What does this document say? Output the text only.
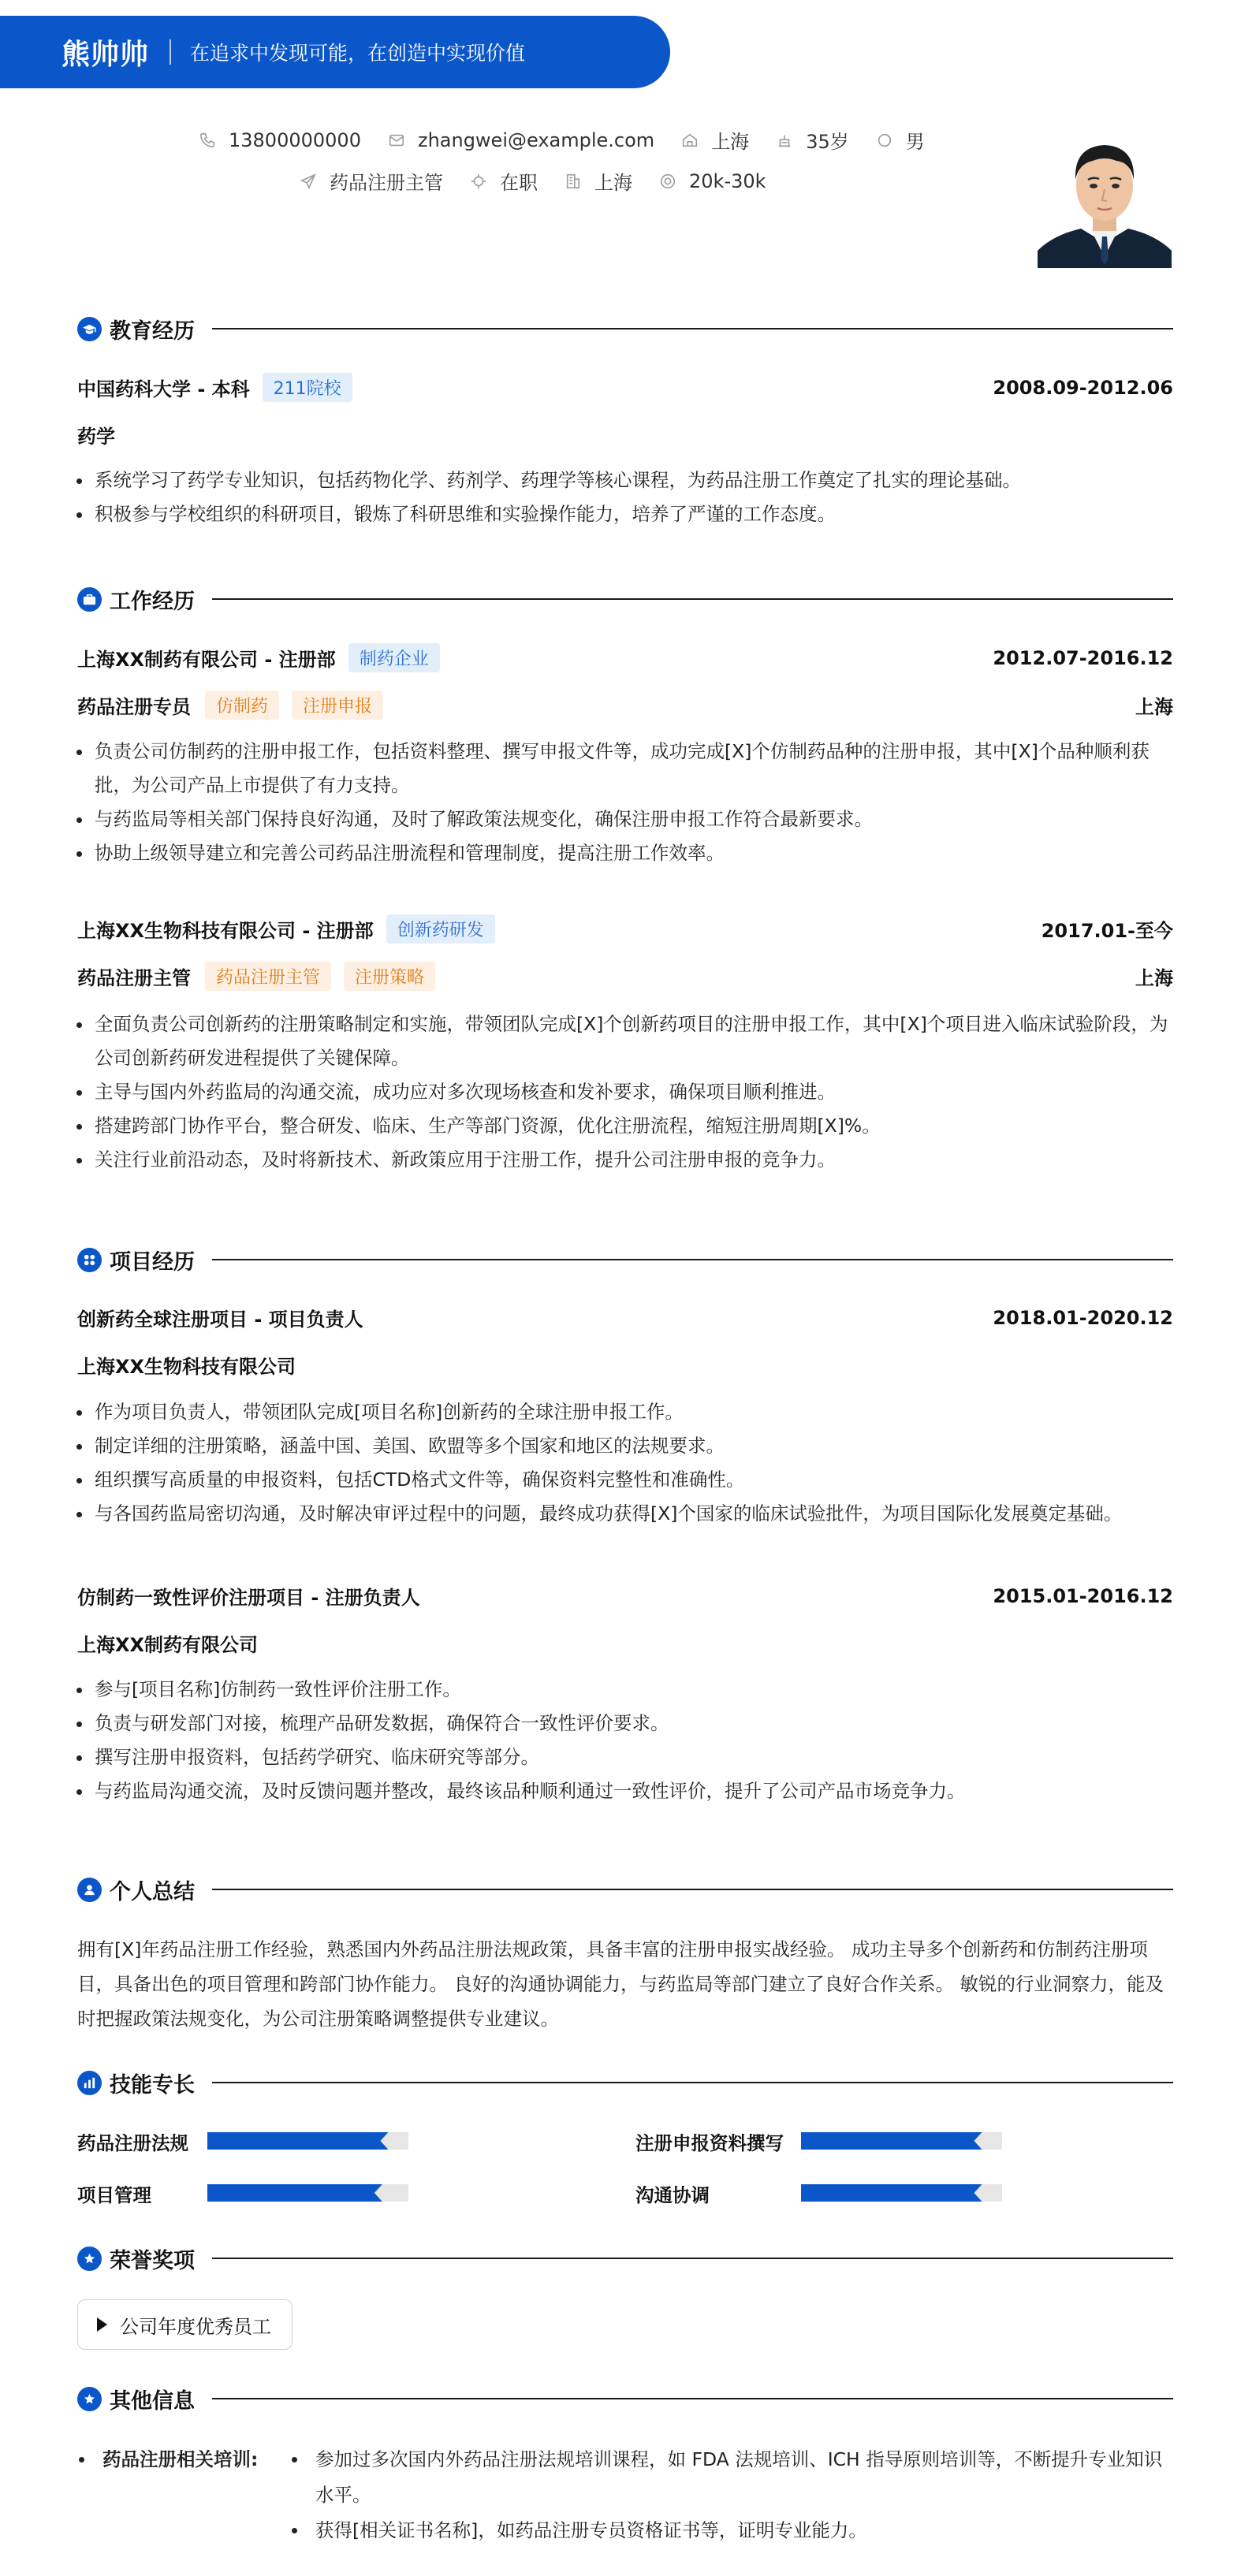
熊帅帅 在追求中发现可能，在创造中实现价值
13800000000	zhangwei@example.com	上海	35岁	男
药品注册主管	在职	上海	20k-30k
教育经历
中国药科大学 - 本科	211院校	2008.09-2012.06
药学
系统学习了药学专业知识，包括药物化学、药剂学、药理学等核心课程，为药品注册工作奠定了扎实的理论基础。
积极参与学校组织的科研项目，锻炼了科研思维和实验操作能力，培养了严谨的工作态度。
工作经历
上海XX制药有限公司 - 注册部	制药企业	2012.07-2016.12
药品注册专员	仿制药	注册申报	上海
负责公司仿制药的注册申报工作，包括资料整理、撰写申报文件等，成功完成[X]个仿制药品种的注册申报，其中[X]个品种顺利获批，为公司产品上市提供了有力支持。
与药监局等相关部门保持良好沟通，及时了解政策法规变化，确保注册申报工作符合最新要求。
协助上级领导建立和完善公司药品注册流程和管理制度，提高注册工作效率。
上海XX生物科技有限公司 - 注册部	创新药研发	2017.01-至今
药品注册主管	药品注册主管	注册策略	上海
全面负责公司创新药的注册策略制定和实施，带领团队完成[X]个创新药项目的注册申报工作，其中[X]个项目进入临床试验阶段，为公司创新药研发进程提供了关键保障。
主导与国内外药监局的沟通交流，成功应对多次现场核查和发补要求，确保项目顺利推进。
搭建跨部门协作平台，整合研发、临床、生产等部门资源，优化注册流程，缩短注册周期[X]%。
关注行业前沿动态，及时将新技术、新政策应用于注册工作，提升公司注册申报的竞争力。
项目经历
创新药全球注册项目 - 项目负责人	2018.01-2020.12
上海XX生物科技有限公司
作为项目负责人，带领团队完成[项目名称]创新药的全球注册申报工作。
制定详细的注册策略，涵盖中国、美国、欧盟等多个国家和地区的法规要求。
组织撰写高质量的申报资料，包括CTD格式文件等，确保资料完整性和准确性。
与各国药监局密切沟通，及时解决审评过程中的问题，最终成功获得[X]个国家的临床试验批件，为项目国际化发展奠定基础。
仿制药一致性评价注册项目 - 注册负责人	2015.01-2016.12
上海XX制药有限公司
参与[项目名称]仿制药一致性评价注册工作。
负责与研发部门对接，梳理产品研发数据，确保符合一致性评价要求。
撰写注册申报资料，包括药学研究、临床研究等部分。
与药监局沟通交流，及时反馈问题并整改，最终该品种顺利通过一致性评价，提升了公司产品市场竞争力。
个人总结
拥有[X]年药品注册工作经验，熟悉国内外药品注册法规政策，具备丰富的注册申报实战经验。 成功主导多个创新药和仿制药注册项目，具备出色的项目管理和跨部门协作能力。 良好的沟通协调能力，与药监局等部门建立了良好合作关系。 敏锐的行业洞察力，能及时把握政策法规变化，为公司注册策略调整提供专业建议。
技能专长
药品注册法规	注册申报资料撰写
项目管理	沟通协调
荣誉奖项
公司年度优秀员工
其他信息
药品注册相关培训:	参加过多次国内外药品注册法规培训课程，如 FDA 法规培训、ICH 指导原则培训等，不断提升专业知识水平。
获得[相关证书名称]，如药品注册专员资格证书等，证明专业能力。
